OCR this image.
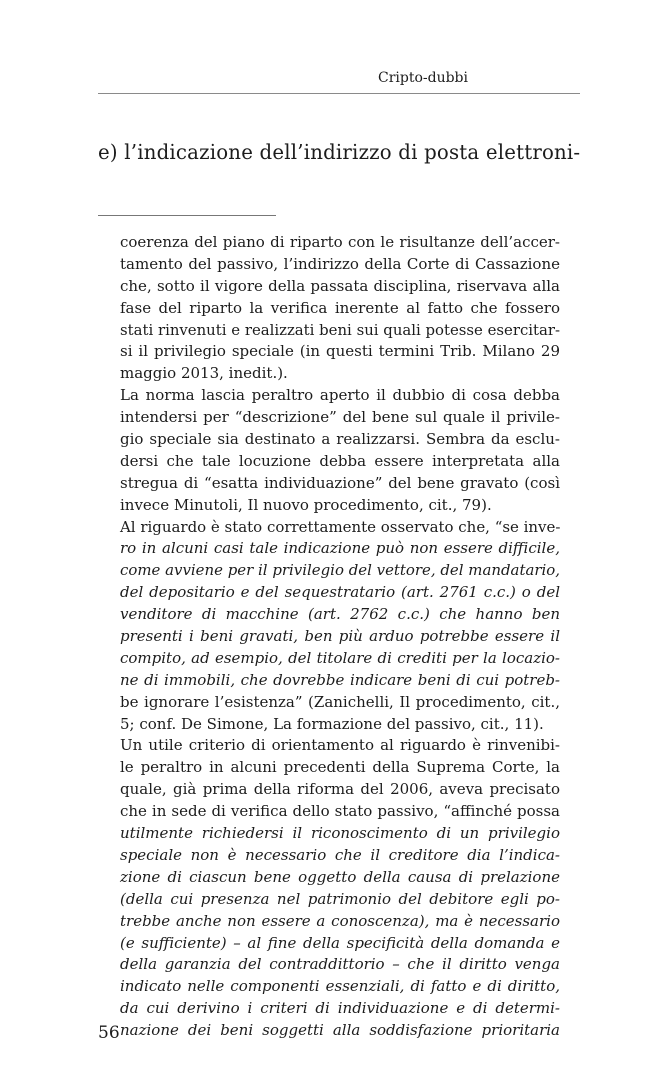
Cripto-dubbi
e) l’indicazione dell’indirizzo di posta elettroni-
coerenza del piano di riparto con le risultanze dell’accer-
tamento del passivo, l’indirizzo della Corte di Cassazione
che, sotto il vigore della passata disciplina, riservava alla
fase del riparto la verifica inerente al fatto che fossero
stati rinvenuti e realizzati beni sui quali potesse esercitar-
si il privilegio speciale (in questi termini Trib. Milano 29
maggio 2013, inedit.).
La norma lascia peraltro aperto il dubbio di cosa debba
intendersi per “descrizione” del bene sul quale il privile-
gio speciale sia destinato a realizzarsi. Sembra da esclu-
dersi che tale locuzione debba essere interpretata alla
stregua di “esatta individuazione” del bene gravato (così
invece Minutoli, Il nuovo procedimento, cit., 79).
Al riguardo è stato correttamente osservato che, “se inve-
ro in alcuni casi tale indicazione può non essere difficile,
come avviene per il privilegio del vettore, del mandatario,
del depositario e del sequestratario (art. 2761 c.c.) o del
venditore di macchine (art. 2762 c.c.) che hanno ben
presenti i beni gravati, ben più arduo potrebbe essere il
compito, ad esempio, del titolare di crediti per la locazio-
ne di immobili, che dovrebbe indicare beni di cui potreb-
be ignorare l’esistenza” (Zanichelli, Il procedimento, cit.,
5; conf. De Simone, La formazione del passivo, cit., 11).
Un utile criterio di orientamento al riguardo è rinvenibi-
le peraltro in alcuni precedenti della Suprema Corte, la
quale, già prima della riforma del 2006, aveva precisato
che in sede di verifica dello stato passivo, “affinché possa
utilmente richiedersi il riconoscimento di un privilegio
speciale non è necessario che il creditore dia l’indica-
zione di ciascun bene oggetto della causa di prelazione
(della cui presenza nel patrimonio del debitore egli po-
trebbe anche non essere a conoscenza), ma è necessario
(e sufficiente) – al fine della specificità della domanda e
della garanzia del contraddittorio – che il diritto venga
indicato nelle componenti essenziali, di fatto e di diritto,
da cui derivino i criteri di individuazione e di determi-
nazione dei beni soggetti alla soddisfazione prioritaria
56
